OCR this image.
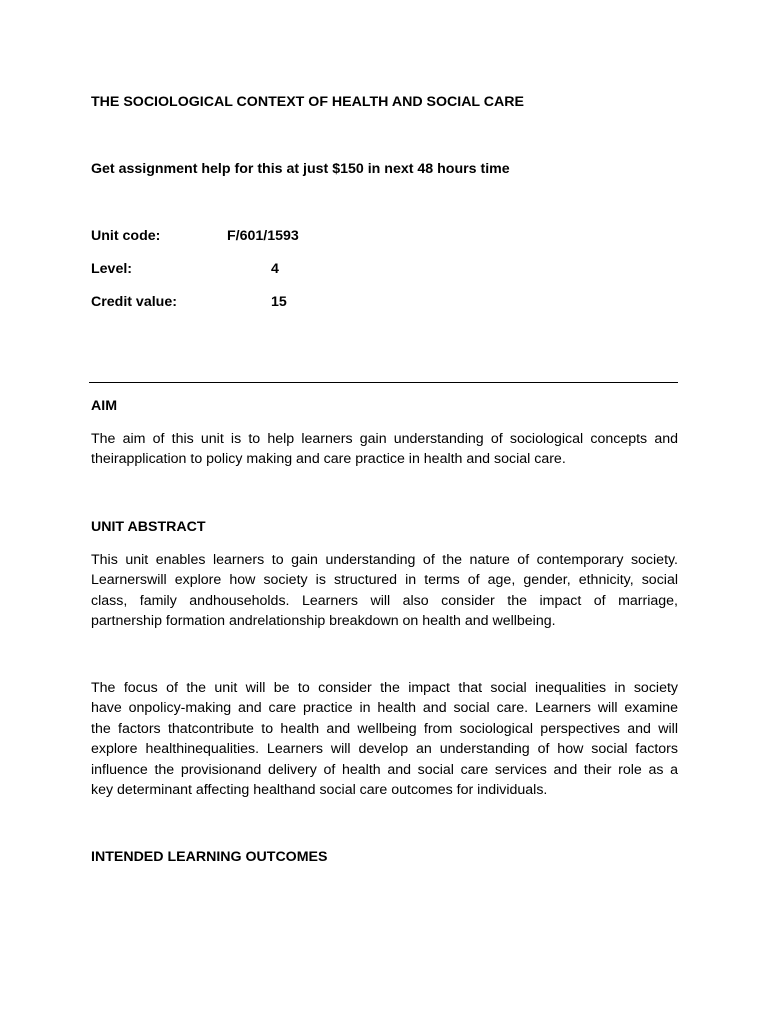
THE SOCIOLOGICAL CONTEXT OF HEALTH AND SOCIAL CARE
Get assignment help for this at just $150 in next 48 hours time
Unit code:	F/601/1593
Level:	4
Credit value:	15
AIM
The aim of this unit is to help learners gain understanding of sociological concepts and
theirapplication to policy making and care practice in health and social care.
UNIT ABSTRACT
This unit enables learners to gain understanding of the nature of contemporary society.
Learnerswill explore how society is structured in terms of age, gender, ethnicity, social
class, family andhouseholds. Learners will also consider the impact of marriage,
partnership formation andrelationship breakdown on health and wellbeing.
The focus of the unit will be to consider the impact that social inequalities in society
have onpolicy-making and care practice in health and social care. Learners will examine
the factors thatcontribute to health and wellbeing from sociological perspectives and will
explore healthinequalities. Learners will develop an understanding of how social factors
influence the provisionand delivery of health and social care services and their role as a
key determinant affecting healthand social care outcomes for individuals.
INTENDED LEARNING OUTCOMES
